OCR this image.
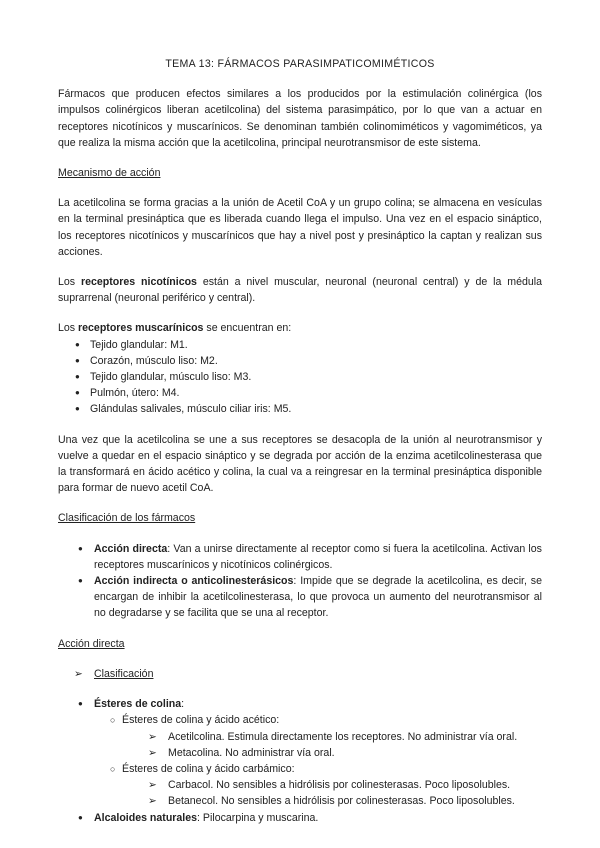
TEMA 13: FÁRMACOS PARASIMPATICOMIMÉTICOS

Fármacos que producen efectos similares a los producidos por la estimulación colinérgica (los impulsos colinérgicos liberan acetilcolina) del sistema parasimpático, por lo que van a actuar en receptores nicotínicos y muscarínicos. Se denominan también colinomiméticos y vagomiméticos, ya que realiza la misma acción que la acetilcolina, principal neurotransmisor de este sistema.

Mecanismo de acción

La acetilcolina se forma gracias a la unión de Acetil CoA y un grupo colina; se almacena en vesículas en la terminal presináptica que es liberada cuando llega el impulso. Una vez en el espacio sináptico, los receptores nicotínicos y muscarínicos que hay a nivel post y presináptico la captan y realizan sus acciones.

Los receptores nicotínicos están a nivel muscular, neuronal (neuronal central) y de la médula suprarrenal (neuronal periférico y central).

Los receptores muscarínicos se encuentran en:

● Tejido glandular: M1.
● Corazón, músculo liso: M2.
● Tejido glandular, músculo liso: M3.
● Pulmón, útero: M4.
● Glándulas salivales, músculo ciliar iris: M5.

Una vez que la acetilcolina se une a sus receptores se desacopla de la unión al neurotransmisor y vuelve a quedar en el espacio sináptico y se degrada por acción de la enzima acetilcolinesterasa que la transformará en ácido acético y colina, la cual va a reingresar en la terminal presináptica disponible para formar de nuevo acetil CoA.

Clasificación de los fármacos

● Acción directa: Van a unirse directamente al receptor como si fuera la acetilcolina. Activan los receptores muscarínicos y nicotínicos colinérgicos.
● Acción indirecta o anticolinesterásicos: Impide que se degrade la acetilcolina, es decir, se encargan de inhibir la acetilcolinesterasa, lo que provoca un aumento del neurotransmisor al no degradarse y se facilita que se una al receptor.

Acción directa

➢ Clasificación

● Ésteres de colina:
○ Ésteres de colina y ácido acético:
➢ Acetilcolina. Estimula directamente los receptores. No administrar vía oral.
➢ Metacolina. No administrar vía oral.
○ Ésteres de colina y ácido carbámico:
➢ Carbacol. No sensibles a hidrólisis por colinesterasas. Poco liposolubles.
➢ Betanecol. No sensibles a hidrólisis por colinesterasas. Poco liposolubles.
● Alcaloides naturales: Pilocarpina y muscarina.
